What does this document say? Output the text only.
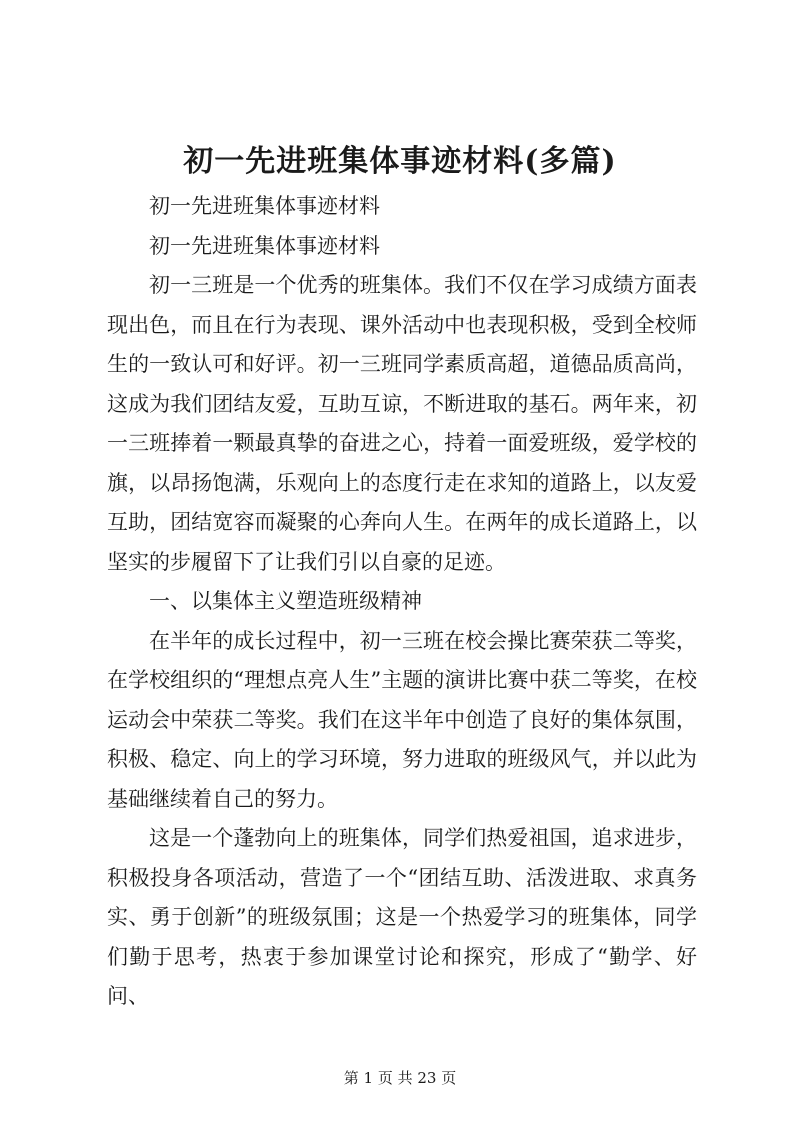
初一先进班集体事迹材料(多篇)

初一先进班集体事迹材料

初一先进班集体事迹材料

初一三班是一个优秀的班集体。我们不仅在学习成绩方面表现出色，而且在行为表现、课外活动中也表现积极，受到全校师生的一致认可和好评。初一三班同学素质高超，道德品质高尚，这成为我们团结友爱，互助互谅，不断进取的基石。两年来，初一三班捧着一颗最真挚的奋进之心，持着一面爱班级，爱学校的旗，以昂扬饱满，乐观向上的态度行走在求知的道路上，以友爱互助，团结宽容而凝聚的心奔向人生。在两年的成长道路上，以坚实的步履留下了让我们引以自豪的足迹。

一、以集体主义塑造班级精神

在半年的成长过程中，初一三班在校会操比赛荣获二等奖，在学校组织的“理想点亮人生”主题的演讲比赛中获二等奖，在校运动会中荣获二等奖。我们在这半年中创造了良好的集体氛围，积极、稳定、向上的学习环境，努力进取的班级风气，并以此为基础继续着自己的努力。

这是一个蓬勃向上的班集体，同学们热爱祖国，追求进步，积极投身各项活动，营造了一个“团结互助、活泼进取、求真务实、勇于创新”的班级氛围；这是一个热爱学习的班集体，同学们勤于思考，热衷于参加课堂讨论和探究，形成了“勤学、好问、

第 1 页 共 23 页
